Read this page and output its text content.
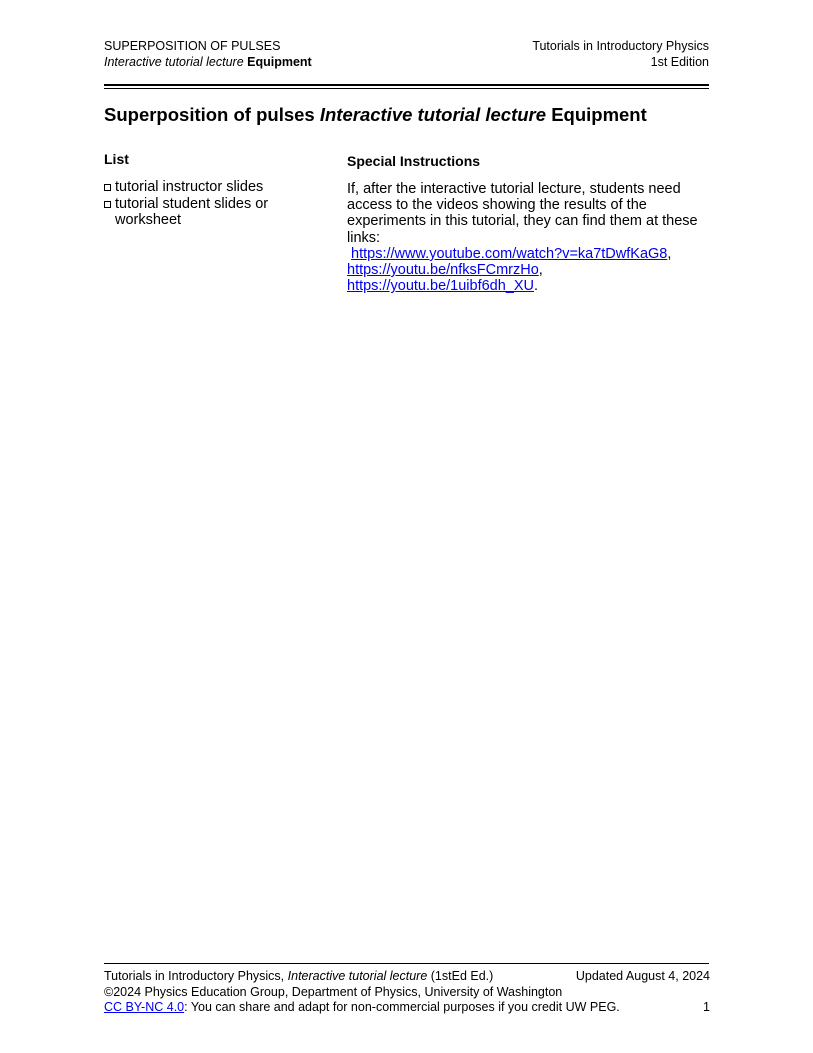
SUPERPOSITION OF PULSES
Interactive tutorial lecture Equipment
Tutorials in Introductory Physics
1st Edition
Superposition of pulses Interactive tutorial lecture Equipment
List
tutorial instructor slides
tutorial student slides or worksheet
Special Instructions

If, after the interactive tutorial lecture, students need access to the videos showing the results of the experiments in this tutorial, they can find them at these links:
https://www.youtube.com/watch?v=ka7tDwfKaG8,
https://youtu.be/nfksFCmrzHo,
https://youtu.be/1uibf6dh_XU.

Tutorials in Introductory Physics, Interactive tutorial lecture (1stEd Ed.)	Updated August 4, 2024
©2024 Physics Education Group, Department of Physics, University of Washington
CC BY-NC 4.0: You can share and adapt for non-commercial purposes if you credit UW PEG.	1
